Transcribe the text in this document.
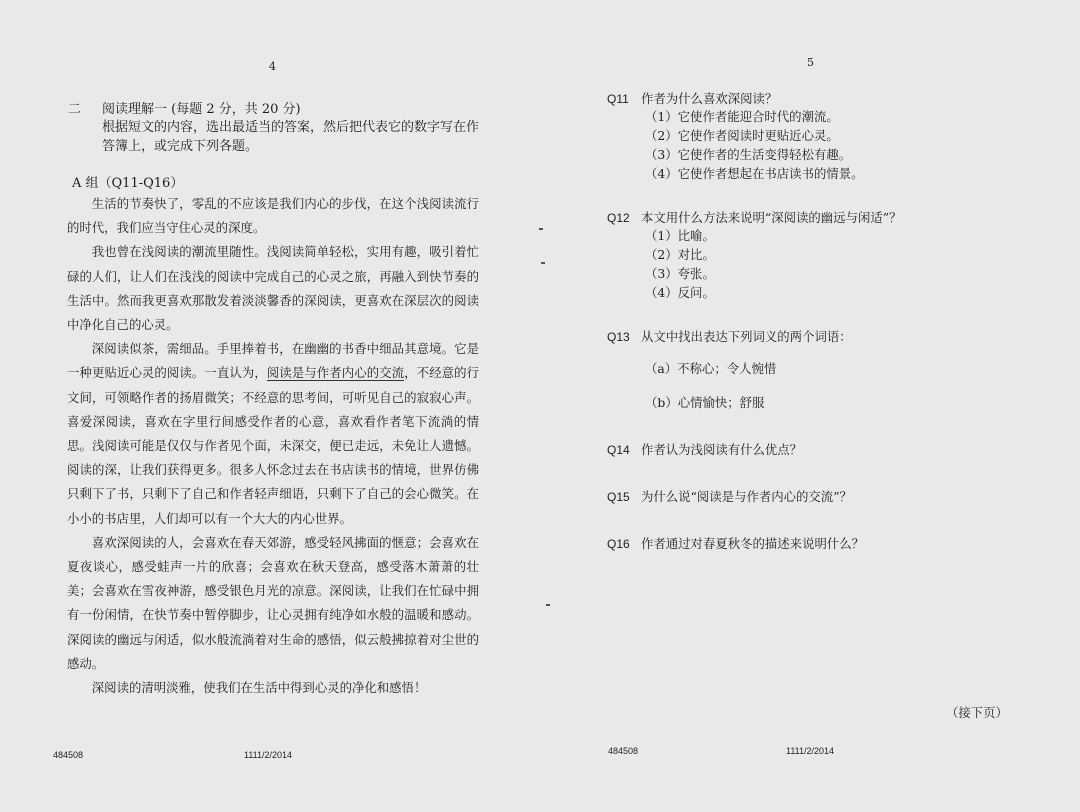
4
二 阅读理解一 (每题 2 分，共 20 分)
根据短文的内容，选出最适当的答案，然后把代表它的数字写在作答簿上，或完成下列各题。
A 组（Q11-Q16）

生活的节奏快了，零乱的不应该是我们内心的步伐，在这个浅阅读流行的时代，我们应当守住心灵的深度。

我也曾在浅阅读的潮流里随性。浅阅读简单轻松，实用有趣，吸引着忙碌的人们，让人们在浅浅的阅读中完成自己的心灵之旅，再融入到快节奏的生活中。然而我更喜欢那散发着淡淡馨香的深阅读，更喜欢在深层次的阅读中净化自己的心灵。

深阅读似茶，需细品。手里捧着书，在幽幽的书香中细品其意境。它是一种更贴近心灵的阅读。一直认为，阅读是与作者内心的交流，不经意的行文间，可领略作者的扬眉微笑；不经意的思考间，可听见自己的寂寂心声。喜爱深阅读，喜欢在字里行间感受作者的心意，喜欢看作者笔下流淌的情思。浅阅读可能是仅仅与作者见个面，未深交，便已走远，未免让人遗憾。阅读的深，让我们获得更多。很多人怀念过去在书店读书的情境，世界仿佛只剩下了书，只剩下了自己和作者轻声细语，只剩下了自己的会心微笑。在小小的书店里，人们却可以有一个大大的内心世界。

喜欢深阅读的人，会喜欢在春天郊游，感受轻风拂面的惬意；会喜欢在夏夜谈心，感受蛙声一片的欣喜；会喜欢在秋天登高，感受落木萧萧的壮美；会喜欢在雪夜神游，感受银色月光的凉意。深阅读，让我们在忙碌中拥有一份闲情，在快节奏中暂停脚步，让心灵拥有纯净如水般的温暖和感动。深阅读的幽远与闲适，似水般流淌着对生命的感悟，似云般拂掠着对尘世的感动。

深阅读的清明淡雅，使我们在生活中得到心灵的净化和感悟！

484508	1111/2/2014
5
Q11 作者为什么喜欢深阅读？
（1）它使作者能迎合时代的潮流。
（2）它使作者阅读时更贴近心灵。
（3）它使作者的生活变得轻松有趣。
（4）它使作者想起在书店读书的情景。
Q12 本文用什么方法来说明“深阅读的幽远与闲适”？
（1）比喻。
（2）对比。
（3）夸张。
（4）反问。
Q13 从文中找出表达下列词义的两个词语：
（a）不称心；令人惋惜
（b）心情愉快；舒服
Q14 作者认为浅阅读有什么优点？
Q15 为什么说“阅读是与作者内心的交流”？
Q16 作者通过对春夏秋冬的描述来说明什么？
（接下页）
484508	1111/2/2014
